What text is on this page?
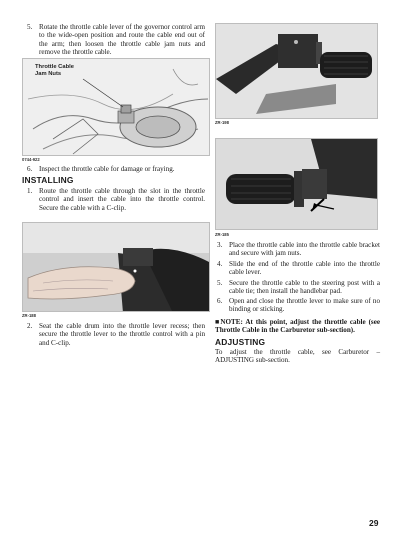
5. Rotate the throttle cable lever of the governor control arm to the wide-open position and route the cable end out of the arm; then loosen the throttle cable jam nuts and remove the throttle cable.
Throttle Cable Jam Nuts
0744-922
6. Inspect the throttle cable for damage or fraying.
INSTALLING
1. Route the throttle cable through the slot in the throttle control and insert the cable into the throttle control. Secure the cable with a C-clip.
ZR-188
2. Seat the cable drum into the throttle lever recess; then secure the throttle lever to the throttle control with a pin and C-clip.
ZR-198
ZR-185
3. Place the throttle cable into the throttle cable bracket and secure with jam nuts.
4. Slide the end of the throttle cable into the throttle cable lever.
5. Secure the throttle cable to the steering post with a cable tie; then install the handlebar pad.
6. Open and close the throttle lever to make sure of no binding or sticking.
■NOTE: At this point, adjust the throttle cable (see Throttle Cable in the Carburetor sub-section).
ADJUSTING
To adjust the throttle cable, see Carburetor – ADJUSTING sub-section.
29
